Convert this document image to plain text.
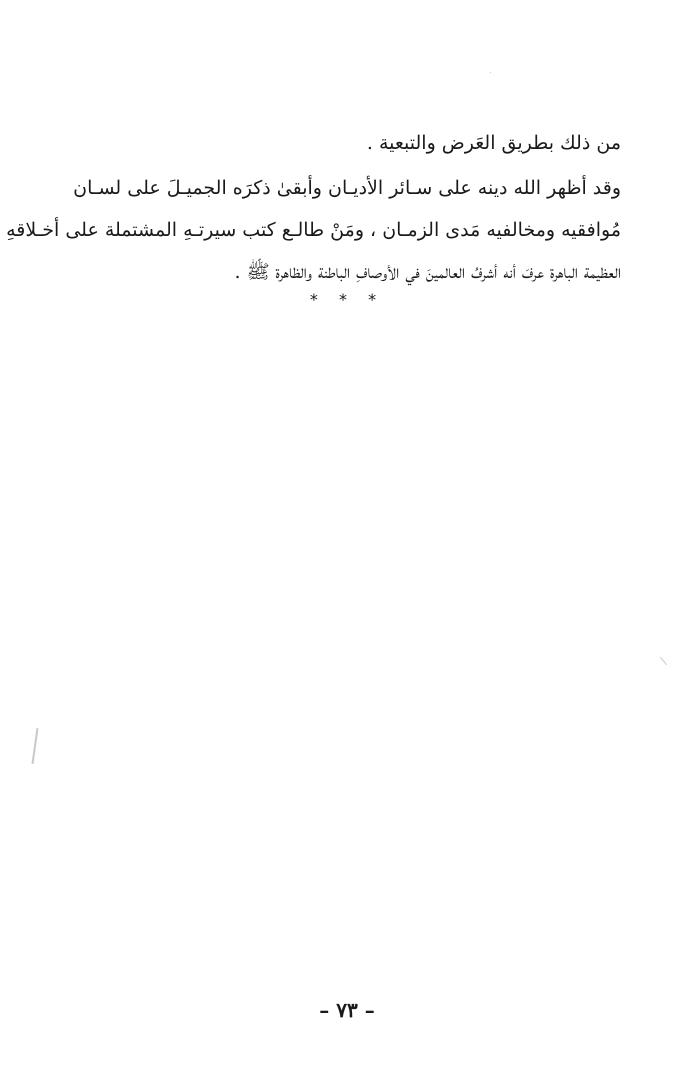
من ذلك بطريق العَرض والتبعية .
وقد أظهر الله دينه على سـائر الأديـان وأبقىٰ ذكرَه الجميـلَ على لسـان
مُوافقيه ومخالفيه مَدى الزمـان ، ومَنْ طالـع كتب سيرتـهِ المشتملة على أخـلاقهِ
العظيمة الباهرة عرفَ أنه أشرفُ العالمينَ في الأوصافِ الباطنة والظاهرة ﷺ .
* * *
– ٧٣ –
